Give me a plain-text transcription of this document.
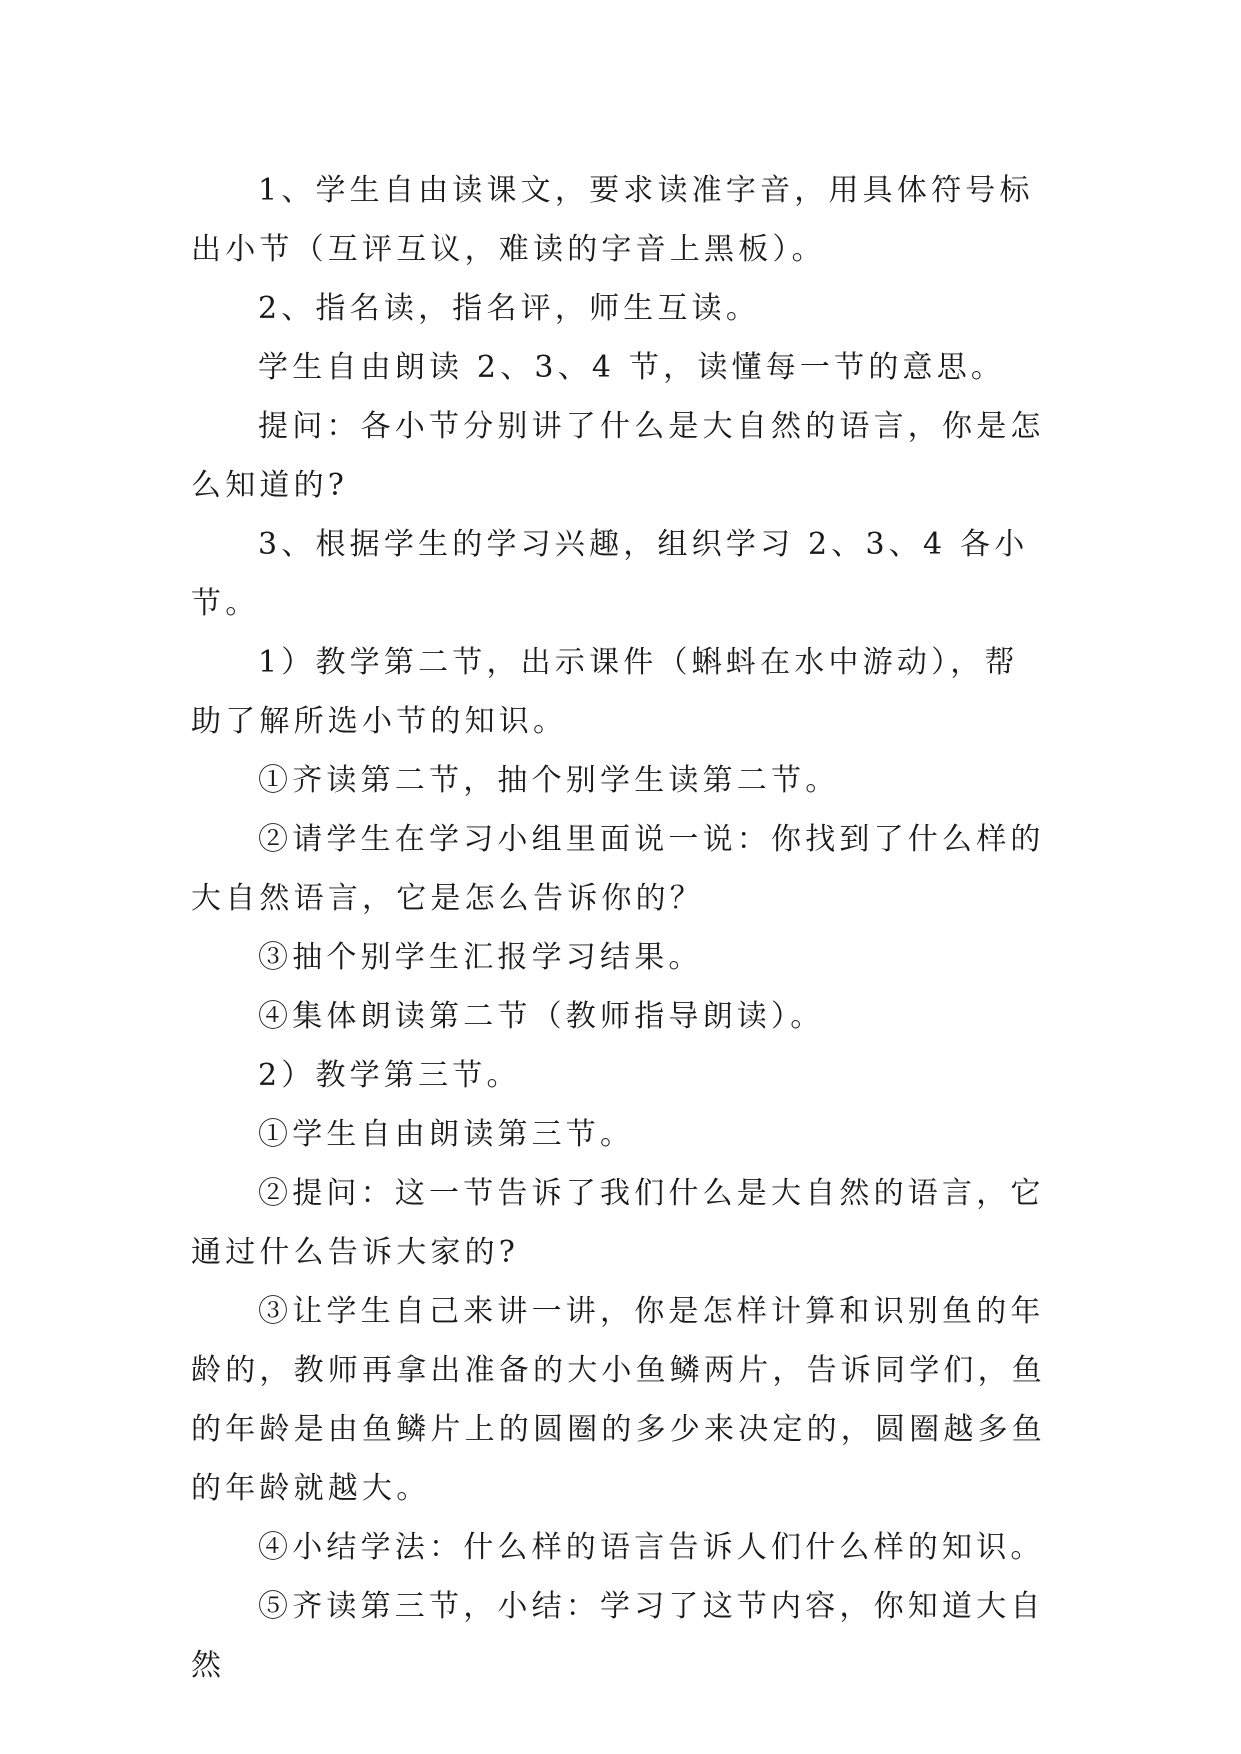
1、学生自由读课文，要求读准字音，用具体符号标出小节（互评互议，难读的字音上黑板）。

2、指名读，指名评，师生互读。

学生自由朗读 2、3、4 节，读懂每一节的意思。

提问：各小节分别讲了什么是大自然的语言，你是怎么知道的?

3、根据学生的学习兴趣，组织学习 2、3、4 各小节。

1）教学第二节，出示课件（蝌蚪在水中游动），帮助了解所选小节的知识。

①齐读第二节，抽个别学生读第二节。

②请学生在学习小组里面说一说：你找到了什么样的大自然语言，它是怎么告诉你的？

③抽个别学生汇报学习结果。

④集体朗读第二节（教师指导朗读）。

2）教学第三节。

①学生自由朗读第三节。

②提问：这一节告诉了我们什么是大自然的语言，它通过什么告诉大家的?

③让学生自己来讲一讲，你是怎样计算和识别鱼的年龄的，教师再拿出准备的大小鱼鳞两片，告诉同学们，鱼的年龄是由鱼鳞片上的圆圈的多少来决定的，圆圈越多鱼的年龄就越大。

④小结学法：什么样的语言告诉人们什么样的知识。

⑤齐读第三节，小结：学习了这节内容，你知道大自然
